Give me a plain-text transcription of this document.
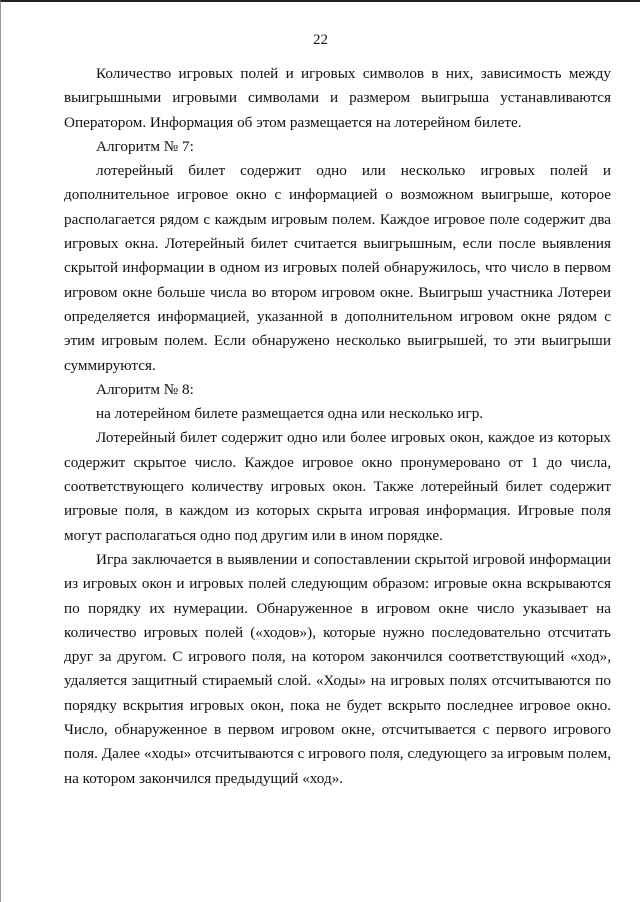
22

Количество игровых полей и игровых символов в них, зависимость между выигрышными игровыми символами и размером выигрыша устанавливаются Оператором. Информация об этом размещается на лотерейном билете.

Алгоритм № 7:

лотерейный билет содержит одно или несколько игровых полей и дополнительное игровое окно с информацией о возможном выигрыше, которое располагается рядом с каждым игровым полем. Каждое игровое поле содержит два игровых окна. Лотерейный билет считается выигрышным, если после выявления скрытой информации в одном из игровых полей обнаружилось, что число в первом игровом окне больше числа во втором игровом окне. Выигрыш участника Лотереи определяется информацией, указанной в дополнительном игровом окне рядом с этим игровым полем. Если обнаружено несколько выигрышей, то эти выигрыши суммируются.

Алгоритм № 8:

на лотерейном билете размещается одна или несколько игр.

Лотерейный билет содержит одно или более игровых окон, каждое из которых содержит скрытое число. Каждое игровое окно пронумеровано от 1 до числа, соответствующего количеству игровых окон. Также лотерейный билет содержит игровые поля, в каждом из которых скрыта игровая информация. Игровые поля могут располагаться одно под другим или в ином порядке.

Игра заключается в выявлении и сопоставлении скрытой игровой информации из игровых окон и игровых полей следующим образом: игровые окна вскрываются по порядку их нумерации. Обнаруженное в игровом окне число указывает на количество игровых полей («ходов»), которые нужно последовательно отсчитать друг за другом. С игрового поля, на котором закончился соответствующий «ход», удаляется защитный стираемый слой. «Ходы» на игровых полях отсчитываются по порядку вскрытия игровых окон, пока не будет вскрыто последнее игровое окно. Число, обнаруженное в первом игровом окне, отсчитывается с первого игрового поля. Далее «ходы» отсчитываются с игрового поля, следующего за игровым полем, на котором закончился предыдущий «ход».
